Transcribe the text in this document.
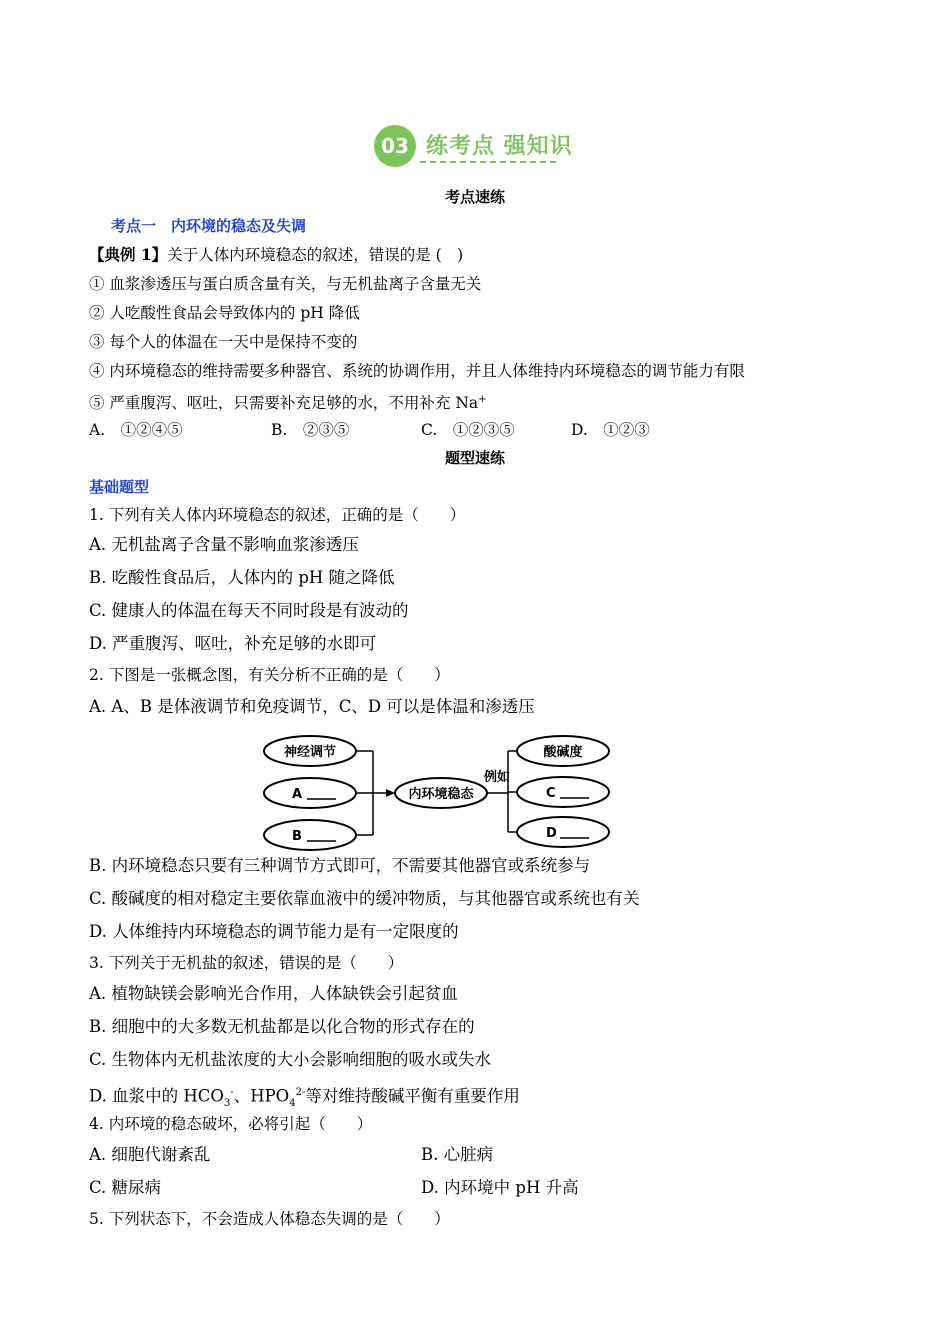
03 练考点 强知识
考点速练
考点一　内环境的稳态及失调
【典例 1】关于人体内环境稳态的叙述，错误的是 (　)
① 血浆渗透压与蛋白质含量有关，与无机盐离子含量无关
② 人吃酸性食品会导致体内的 pH 降低
③ 每个人的体温在一天中是保持不变的
④ 内环境稳态的维持需要多种器官、系统的协调作用，并且人体维持内环境稳态的调节能力有限
⑤ 严重腹泻、呕吐，只需要补充足够的水，不用补充 Na+
A.　①②④⑤	B.　②③⑤	C.　①②③⑤	D.　①②③
题型速练
基础题型
1. 下列有关人体内环境稳态的叙述，正确的是（　　）
A. 无机盐离子含量不影响血浆渗透压
B. 吃酸性食品后，人体内的 pH 随之降低
C. 健康人的体温在每天不同时段是有波动的
D. 严重腹泻、呕吐，补充足够的水即可
2. 下图是一张概念图，有关分析不正确的是（　　）
A. A、B 是体液调节和免疫调节，C、D 可以是体温和渗透压
神经调节
A
B
内环境稳态
例如
酸碱度
C
D
B. 内环境稳态只要有三种调节方式即可，不需要其他器官或系统参与
C. 酸碱度的相对稳定主要依靠血液中的缓冲物质，与其他器官或系统也有关
D. 人体维持内环境稳态的调节能力是有一定限度的
3. 下列关于无机盐的叙述，错误的是（　　）
A. 植物缺镁会影响光合作用，人体缺铁会引起贫血
B. 细胞中的大多数无机盐都是以化合物的形式存在的
C. 生物体内无机盐浓度的大小会影响细胞的吸水或失水
D. 血浆中的 $HCO_3^-$、$HPO_4^{2-}$等对维持酸碱平衡有重要作用
4. 内环境的稳态破坏，必将引起（　　）
A. 细胞代谢紊乱	B. 心脏病
C. 糖尿病	D. 内环境中 pH 升高
5. 下列状态下，不会造成人体稳态失调的是（　　）
